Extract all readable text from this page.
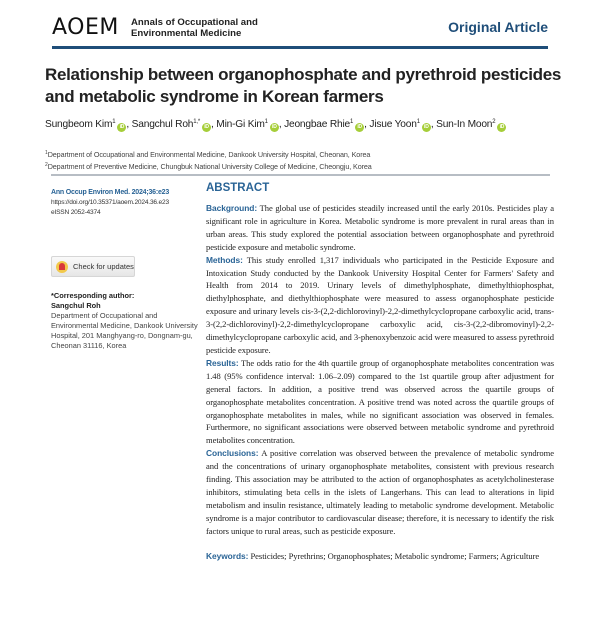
AOEM Annals of Occupational and
Environmental Medicine	Original Article
Relationship between organophosphate and pyrethroid pesticides
and metabolic syndrome in Korean farmers
Sungbeom Kim$^1$iD , Sangchul Roh$^{1,*}$iD , Min-Gi Kim$^1$iD , Jeongbae Rhie$^1$iD , Jisue Yoon$^1$iD , Sun-In Moon$^2$iD
$^1$Department of Occupational and Environmental Medicine, Dankook University Hospital, Cheonan, Korea
$^2$Department of Preventive Medicine, Chungbuk National University College of Medicine, Cheongju, Korea
Ann Occup Environ Med. 2024;36:e23
https://doi.org/10.35371/aoem.2024.36.e23
eISSN 2052-4374
Check for updates
*Corresponding author:
Sangchul Roh
Department of Occupational and Environmental Medicine, Dankook University Hospital, 201 Manghyang-ro, Dongnam-gu, Cheonan 31116, Korea
ABSTRACT

Background: The global use of pesticides steadily increased until the early 2010s. Pesticides play a significant role in agriculture in Korea. Metabolic syndrome is more prevalent in rural areas than in urban areas. This study explored the potential association between organophosphate and pyrethroid pesticide exposure and metabolic syndrome.

Methods: This study enrolled 1,317 individuals who participated in the Pesticide Exposure and Intoxication Study conducted by the Dankook University Hospital Center for Farmers' Safety and Health from 2014 to 2019. Urinary levels of dimethylphosphate, dimethylthiophosphat, diethylphosphate, and diethylthiophosphate were measured to assess organophosphate pesticide exposure and urinary levels cis-3-(2,2-dichlorovinyl)-2,2-dimethylcyclopropane carboxylic acid, trans-3-(2,2-dichlorovinyl)-2,2-dimethylcyclopropane carboxylic acid, cis-3-(2,2-dibromovinyl)-2,2-dimethylcyclopropane carboxylic acid, and 3-phenoxybenzoic acid were measured to assess pyrethroid pesticide exposure.

Results: The odds ratio for the 4th quartile group of organophosphate metabolites concentration was 1.48 (95% confidence interval: 1.06–2.09) compared to the 1st quartile group after adjustment for general factors. In addition, a positive trend was observed across the quartile groups of organophosphate metabolites concentration. A positive trend was noted across the quartile groups of organophosphate metabolites in males, while no significant association was observed in females. Furthermore, no significant associations were observed between metabolic syndrome and pyrethroid metabolites concentration.

Conclusions: A positive correlation was observed between the prevalence of metabolic syndrome and the concentrations of urinary organophosphate metabolites, consistent with previous research finding. This association may be attributed to the action of organophosphates as acetylcholinesterase inhibitors, stimulating beta cells in the islets of Langerhans. This can lead to alterations in lipid metabolism and insulin resistance, ultimately leading to metabolic syndrome development. Metabolic syndrome is a major contributor to cardiovascular disease; therefore, it is necessary to identify the risk factors unique to rural areas, such as pesticide exposure.

Keywords: Pesticides; Pyrethrins; Organophosphates; Metabolic syndrome; Farmers; Agriculture
